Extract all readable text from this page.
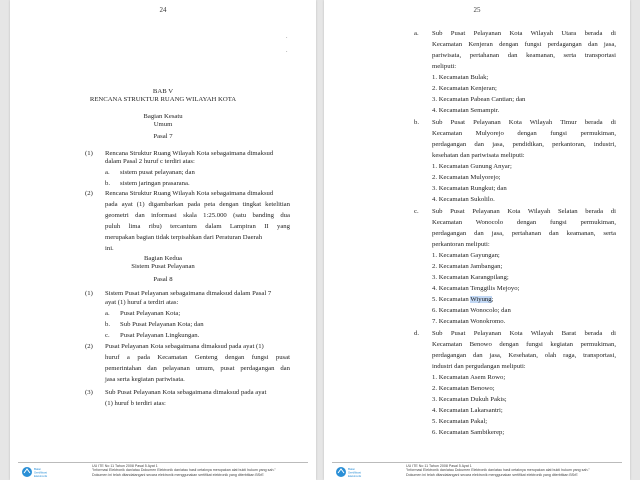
24
.
.
BAB V
RENCANA STRUKTUR RUANG WILAYAH KOTA
Bagian Kesatu
Umum
Pasal 7
(1) Rencana Struktur Ruang Wilayah Kota sebagaimana dimaksud
dalam Pasal 2 huruf c terdiri atas:
a. sistem pusat pelayanan; dan
b. sistem jaringan prasarana.
(2) Rencana Struktur Ruang Wilayah Kota sebagaimana dimaksud
pada ayat (1) digambarkan pada peta dengan tingkat ketelitian
geometri dan informasi skala 1:25.000 (satu banding dua
puluh lima ribu) tercantum dalam Lampiran II yang
merupakan bagian tidak terpisahkan dari Peraturan Daerah
ini.
Bagian Kedua
Sistem Pusat Pelayanan
Pasal 8
(1) Sistem Pusat Pelayanan sebagaimana dimaksud dalam Pasal 7
ayat (1) huruf a terdiri atas:
a. Pusat Pelayanan Kota;
b. Sub Pusat Pelayanan Kota; dan
c. Pusat Pelayanan Lingkungan.
(2) Pusat Pelayanan Kota sebagaimana dimaksud pada ayat (1)
huruf a pada Kecamatan Genteng dengan fungsi pusat
pemerintahan dan pelayanan umum, pusat perdagangan dan
jasa serta kegiatan pariwisata.
(3) Sub Pusat Pelayanan Kota sebagaimana dimaksud pada ayat
(1) huruf b terdiri atas:
Balai
Sertifikasi
Elektronik
UU ITE No 11 Tahun 2008 Pasal 5 Ayat 1
"Informasi Elektronik dan/atau Dokumen Elektronik dan/atau hasil cetaknya merupakan alat bukti hukum yang sah."
Dokumen ini telah ditandatangani secara elektronik menggunakan sertifikat elektronik yang diterbitkan BSrE
25
a. Sub Pusat Pelayanan Kota Wilayah Utara berada di
Kecamatan Kenjeran dengan fungsi perdagangan dan jasa,
pariwisata, pertahanan dan keamanan, serta transportasi
meliputi:
1. Kecamatan Bulak;
2. Kecamatan Kenjeran;
3. Kecamatan Pabean Cantian; dan
4. Kecamatan Semampir.
b. Sub Pusat Pelayanan Kota Wilayah Timur berada di
Kecamatan Mulyorejo dengan fungsi permukiman,
perdagangan dan jasa, pendidikan, perkantoran, industri,
kesehatan dan pariwisata meliputi:
1. Kecamatan Gunung Anyar;
2. Kecamatan Mulyorejo;
3. Kecamatan Rungkut; dan
4. Kecamatan Sukolilo.
c. Sub Pusat Pelayanan Kota Wilayah Selatan berada di
Kecamatan Wonocolo dengan fungsi permukiman,
perdagangan dan jasa, pertahanan dan keamanan, serta
perkantoran meliputi:
1. Kecamatan Gayungan;
2. Kecamatan Jambangan;
3. Kecamatan Karangpilang;
4. Kecamatan Tenggilis Mejoyo;
5. Kecamatan Wiyung;
6. Kecamatan Wonocolo; dan
7. Kecamatan Wonokromo.
d. Sub Pusat Pelayanan Kota Wilayah Barat berada di
Kecamatan Benowo dengan fungsi kegiatan permukiman,
perdagangan dan jasa, Kesehatan, olah raga, transportasi,
industri dan pergudangan meliputi:
1. Kecamatan Asem Rowo;
2. Kecamatan Benowo;
3. Kecamatan Dukuh Pakis;
4. Kecamatan Lakarsantri;
5. Kecamatan Pakal;
6. Kecamatan Sambikerep;
Balai
Sertifikasi
Elektronik
UU ITE No 11 Tahun 2008 Pasal 5 Ayat 1
"Informasi Elektronik dan/atau Dokumen Elektronik dan/atau hasil cetaknya merupakan alat bukti hukum yang sah."
Dokumen ini telah ditandatangani secara elektronik menggunakan sertifikat elektronik yang diterbitkan BSrE
